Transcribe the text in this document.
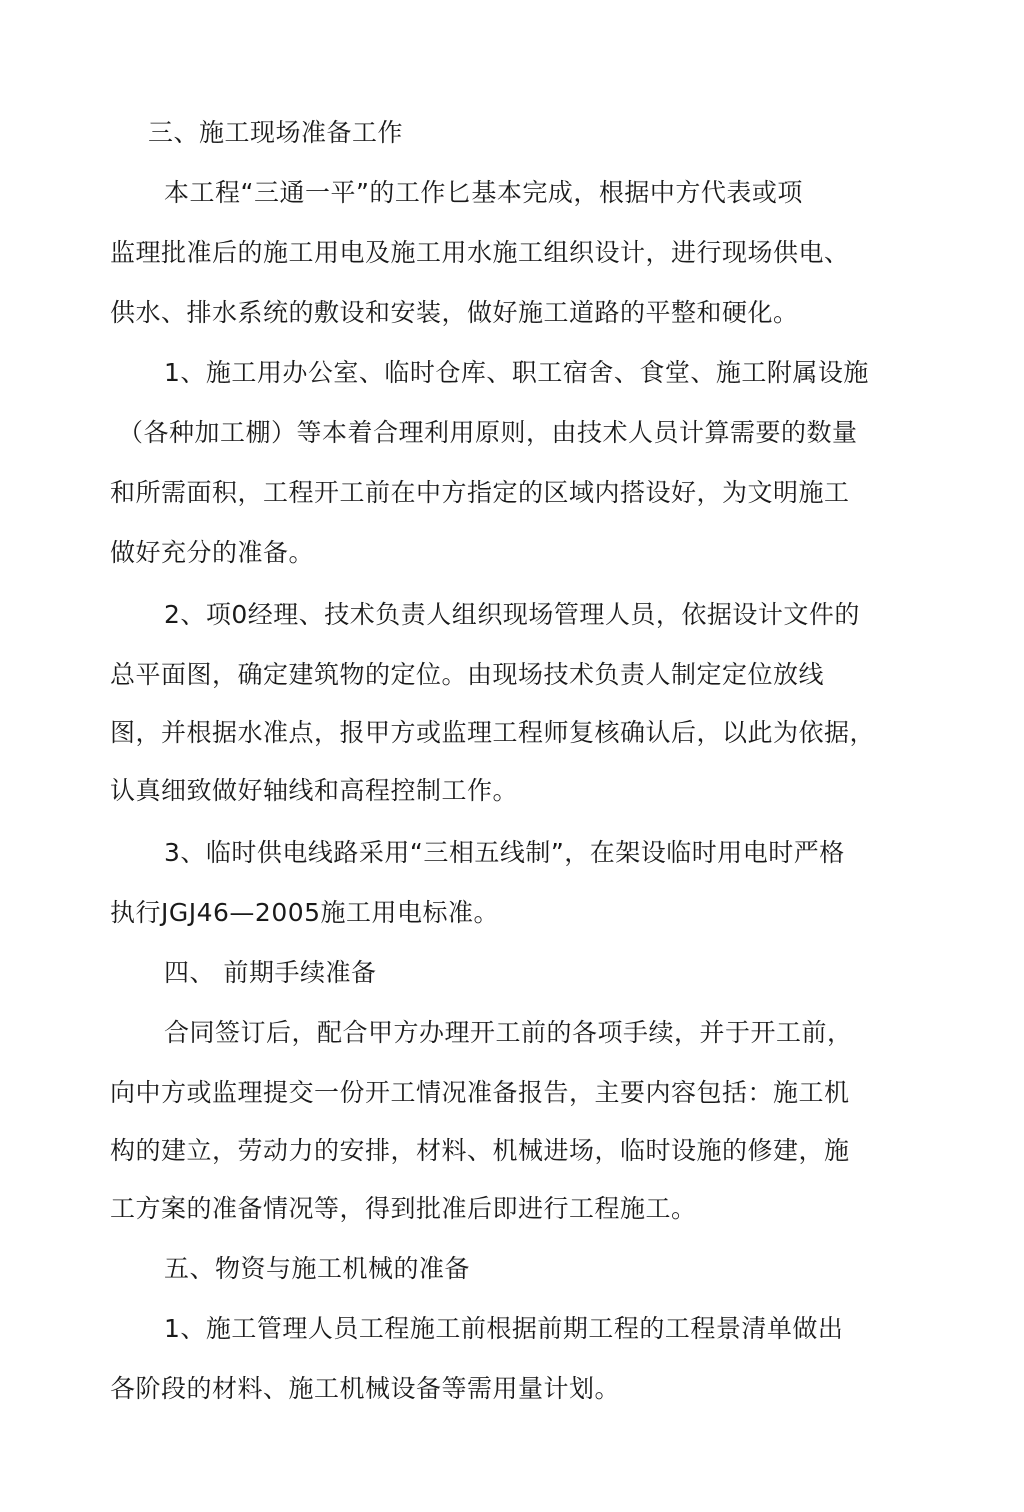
三、施工现场准备工作
本工程“三通一平”的工作匕基本完成，根据中方代表或项
监理批准后的施工用电及施工用水施工组织设计，进行现场供电、
供水、排水系统的敷设和安装，做好施工道路的平整和硬化。
1、施工用办公室、临时仓库、职工宿舍、食堂、施工附属设施
（各种加工棚）等本着合理利用原则，由技术人员计算需要的数量
和所需面积，工程开工前在中方指定的区域内搭设好，为文明施工
做好充分的准备。
2、项0经理、技术负责人组织现场管理人员，依据设计文件的
总平面图，确定建筑物的定位。由现场技术负责人制定定位放线
图，并根据水准点，报甲方或监理工程师复核确认后，以此为依据，
认真细致做好轴线和高程控制工作。
3、临时供电线路采用“三相五线制”，在架设临时用电时严格
执行JGJ46—2005施工用电标准。
四、 前期手续准备
合同签订后，配合甲方办理开工前的各项手续，并于开工前，
向中方或监理提交一份开工情况准备报告，主要内容包括：施工机
构的建立，劳动力的安排，材料、机械进场，临时设施的修建，施
工方案的准备情况等，得到批准后即进行工程施工。
五、物资与施工机械的准备
1、施工管理人员工程施工前根据前期工程的工程景清单做出
各阶段的材料、施工机械设备等需用量计划。
